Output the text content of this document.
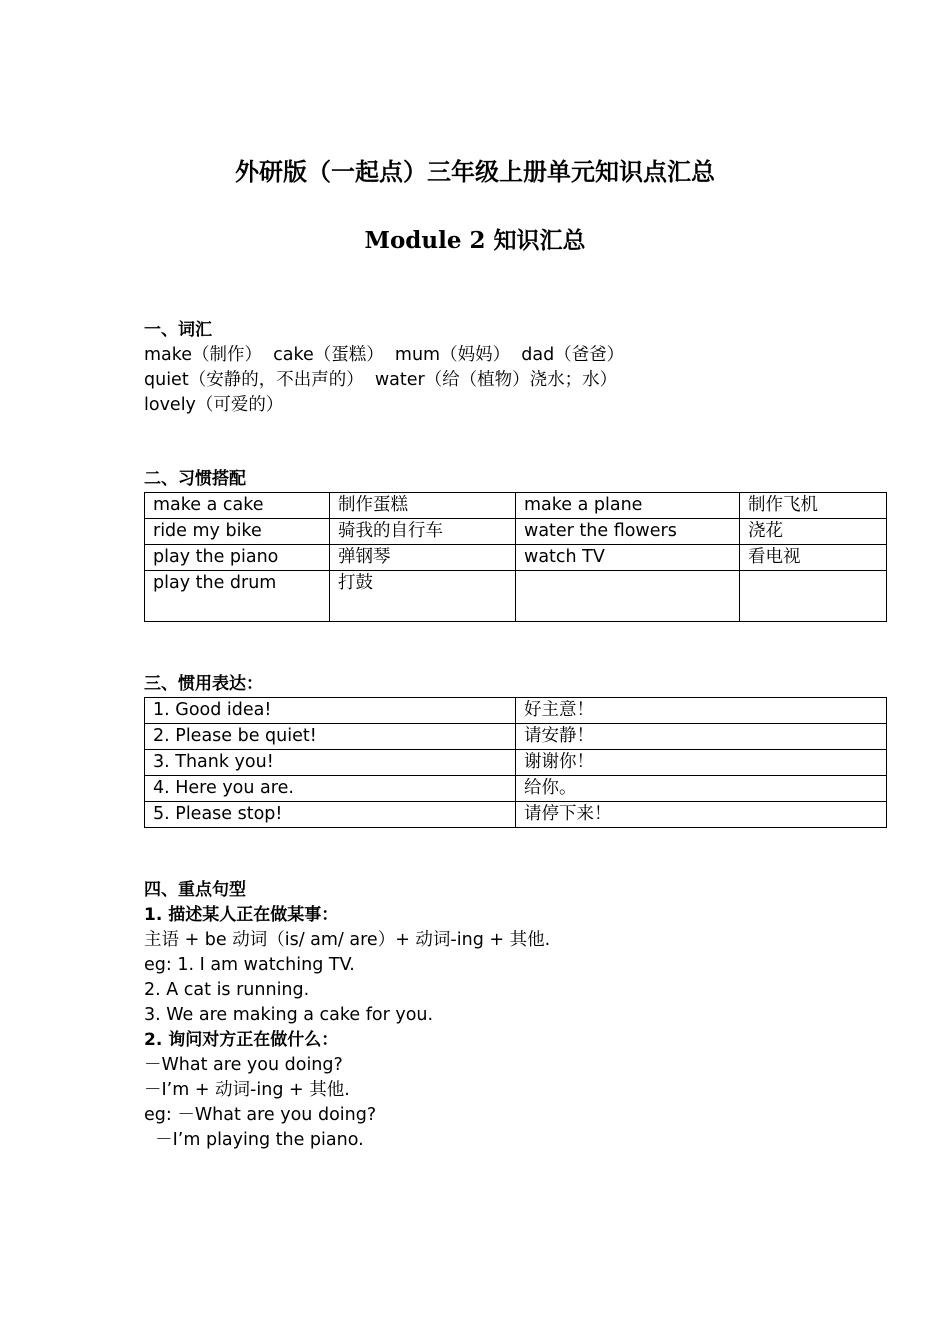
外研版（一起点）三年级上册单元知识点汇总
Module 2 知识汇总
一、词汇
make（制作）  cake（蛋糕）  mum（妈妈）  dad（爸爸）
quiet（安静的，不出声的）  water（给（植物）浇水；水）
lovely（可爱的）
二、习惯搭配
make a cake	制作蛋糕	make a plane	制作飞机
ride my bike	骑我的自行车	water the flowers	浇花
play the piano	弹钢琴	watch TV	看电视
play the drum	打鼓		
三、惯用表达：
1. Good idea!	好主意！
2. Please be quiet!	请安静！
3. Thank you!	谢谢你！
4. Here you are.	给你。
5. Please stop!	请停下来！
四、重点句型
1. 描述某人正在做某事：
主语 + be 动词（is/ am/ are）+ 动词-ing + 其他.
eg: 1. I am watching TV.
2. A cat is running.
3. We are making a cake for you.
2. 询问对方正在做什么：
－What are you doing?
－I’m + 动词-ing + 其他.
eg: －What are you doing?
－I’m playing the piano.
